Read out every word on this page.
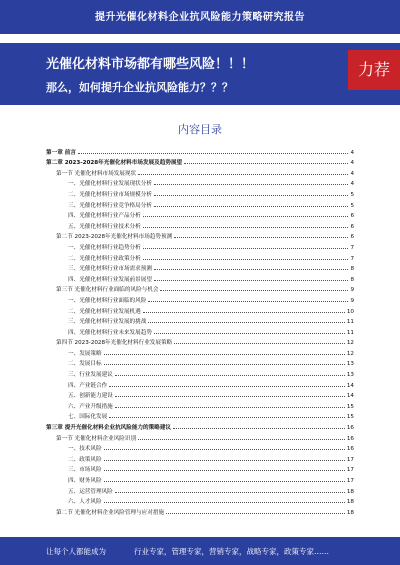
提升光催化材料企业抗风险能力策略研究报告
光催化材料市场都有哪些风险！！！
那么，如何提升企业抗风险能力？？？
力荐
内容目录
第一章 前言	4
第二章 2023-2028年光催化材料市场发展及趋势展望	4
第一节 光催化材料市场发展现状	4
一、光催化材料行业发展现状分析	4
二、光催化材料行业市场规模分析	5
三、光催化材料行业竞争格局分析	5
四、光催化材料行业产品分析	6
五、光催化材料行业技术分析	6
第二节 2023-2028年光催化材料市场趋势预测	6
一、光催化材料行业趋势分析	7
二、光催化材料行业政策分析	7
三、光催化材料行业市场需求预测	8
四、光催化材料行业发展前景展望	8
第三节 光催化材料行业面临的风险与机会	9
一、光催化材料行业面临的风险	9
二、光催化材料行业发展机遇	10
三、光催化材料行业发展的挑战	11
四、光催化材料行业未来发展趋势	11
第四节 2023-2028年光催化材料行业发展策略	12
一、发展策略	12
二、发展目标	13
三、行业发展建议	13
四、产业链合作	14
五、创新能力建设	14
六、产业升级措施	15
七、国际化发展	15
第三章 提升光催化材料企业抗风险能力的策略建议	16
第一节 光催化材料企业风险识别	16
一、技术风险	16
二、政策风险	17
三、市场风险	17
四、财务风险	17
五、运营管理风险	18
六、人才风险	18
第二节 光催化材料企业风险管理与应对措施	18
让每个人都能成为	行业专家，管理专家，营销专家，战略专家，政策专家……
